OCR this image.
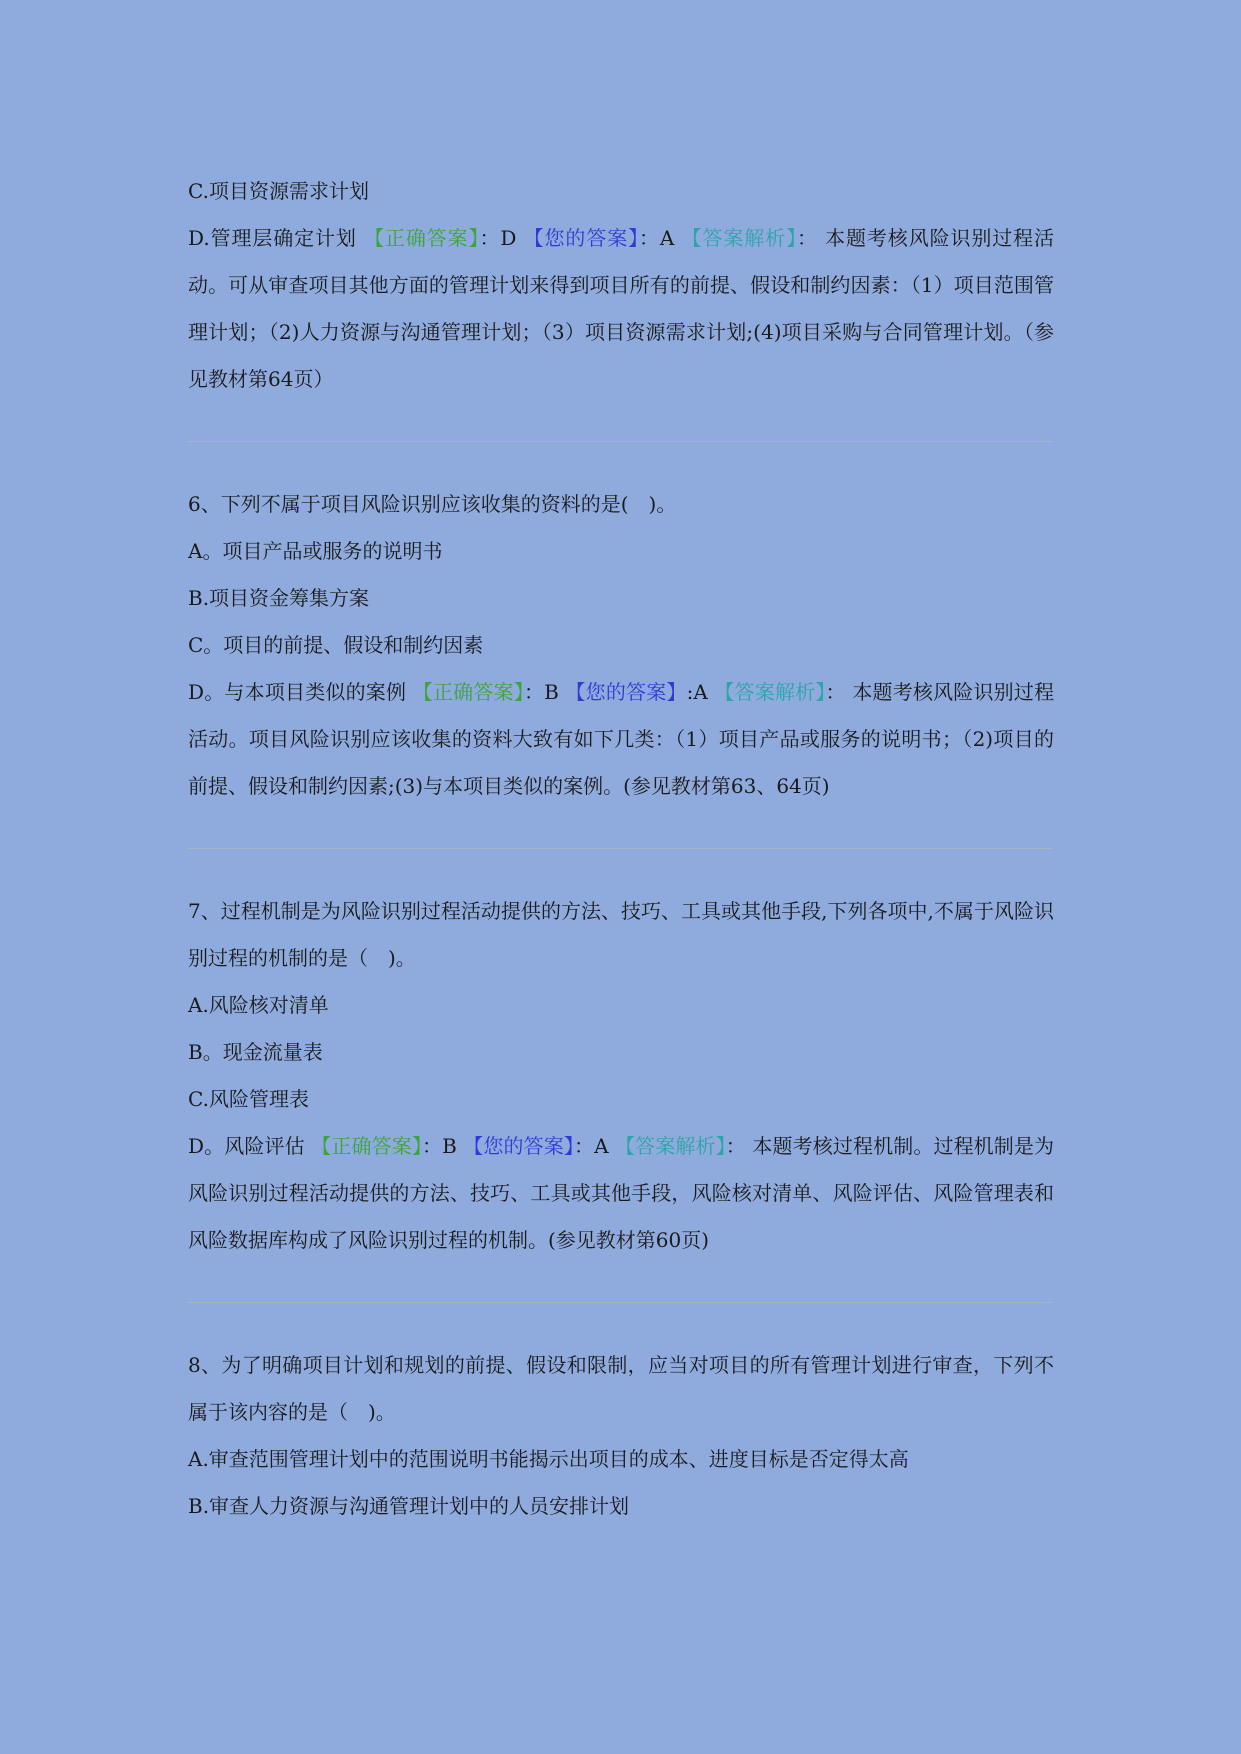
C.项目资源需求计划
D.管理层确定计划 【正确答案】：D 【您的答案】：A 【答案解析】： 本题考核风险识别过程活动。可从审查项目其他方面的管理计划来得到项目所有的前提、假设和制约因素：（1）项目范围管理计划；（2)人力资源与沟通管理计划；（3）项目资源需求计划;(4)项目采购与合同管理计划。（参见教材第64页）
6、下列不属于项目风险识别应该收集的资料的是(　)。
A。项目产品或服务的说明书
B.项目资金筹集方案
C。项目的前提、假设和制约因素
D。与本项目类似的案例 【正确答案】：B 【您的答案】:A 【答案解析】： 本题考核风险识别过程活动。项目风险识别应该收集的资料大致有如下几类：（1）项目产品或服务的说明书；（2)项目的前提、假设和制约因素;(3)与本项目类似的案例。(参见教材第63、64页)
7、过程机制是为风险识别过程活动提供的方法、技巧、工具或其他手段,下列各项中,不属于风险识别过程的机制的是（　)。
A.风险核对清单
B。现金流量表
C.风险管理表
D。风险评估 【正确答案】：B 【您的答案】：A 【答案解析】： 本题考核过程机制。过程机制是为风险识别过程活动提供的方法、技巧、工具或其他手段，风险核对清单、风险评估、风险管理表和风险数据库构成了风险识别过程的机制。(参见教材第60页)
8、为了明确项目计划和规划的前提、假设和限制，应当对项目的所有管理计划进行审查，下列不属于该内容的是（　)。
A.审查范围管理计划中的范围说明书能揭示出项目的成本、进度目标是否定得太高
B.审查人力资源与沟通管理计划中的人员安排计划
